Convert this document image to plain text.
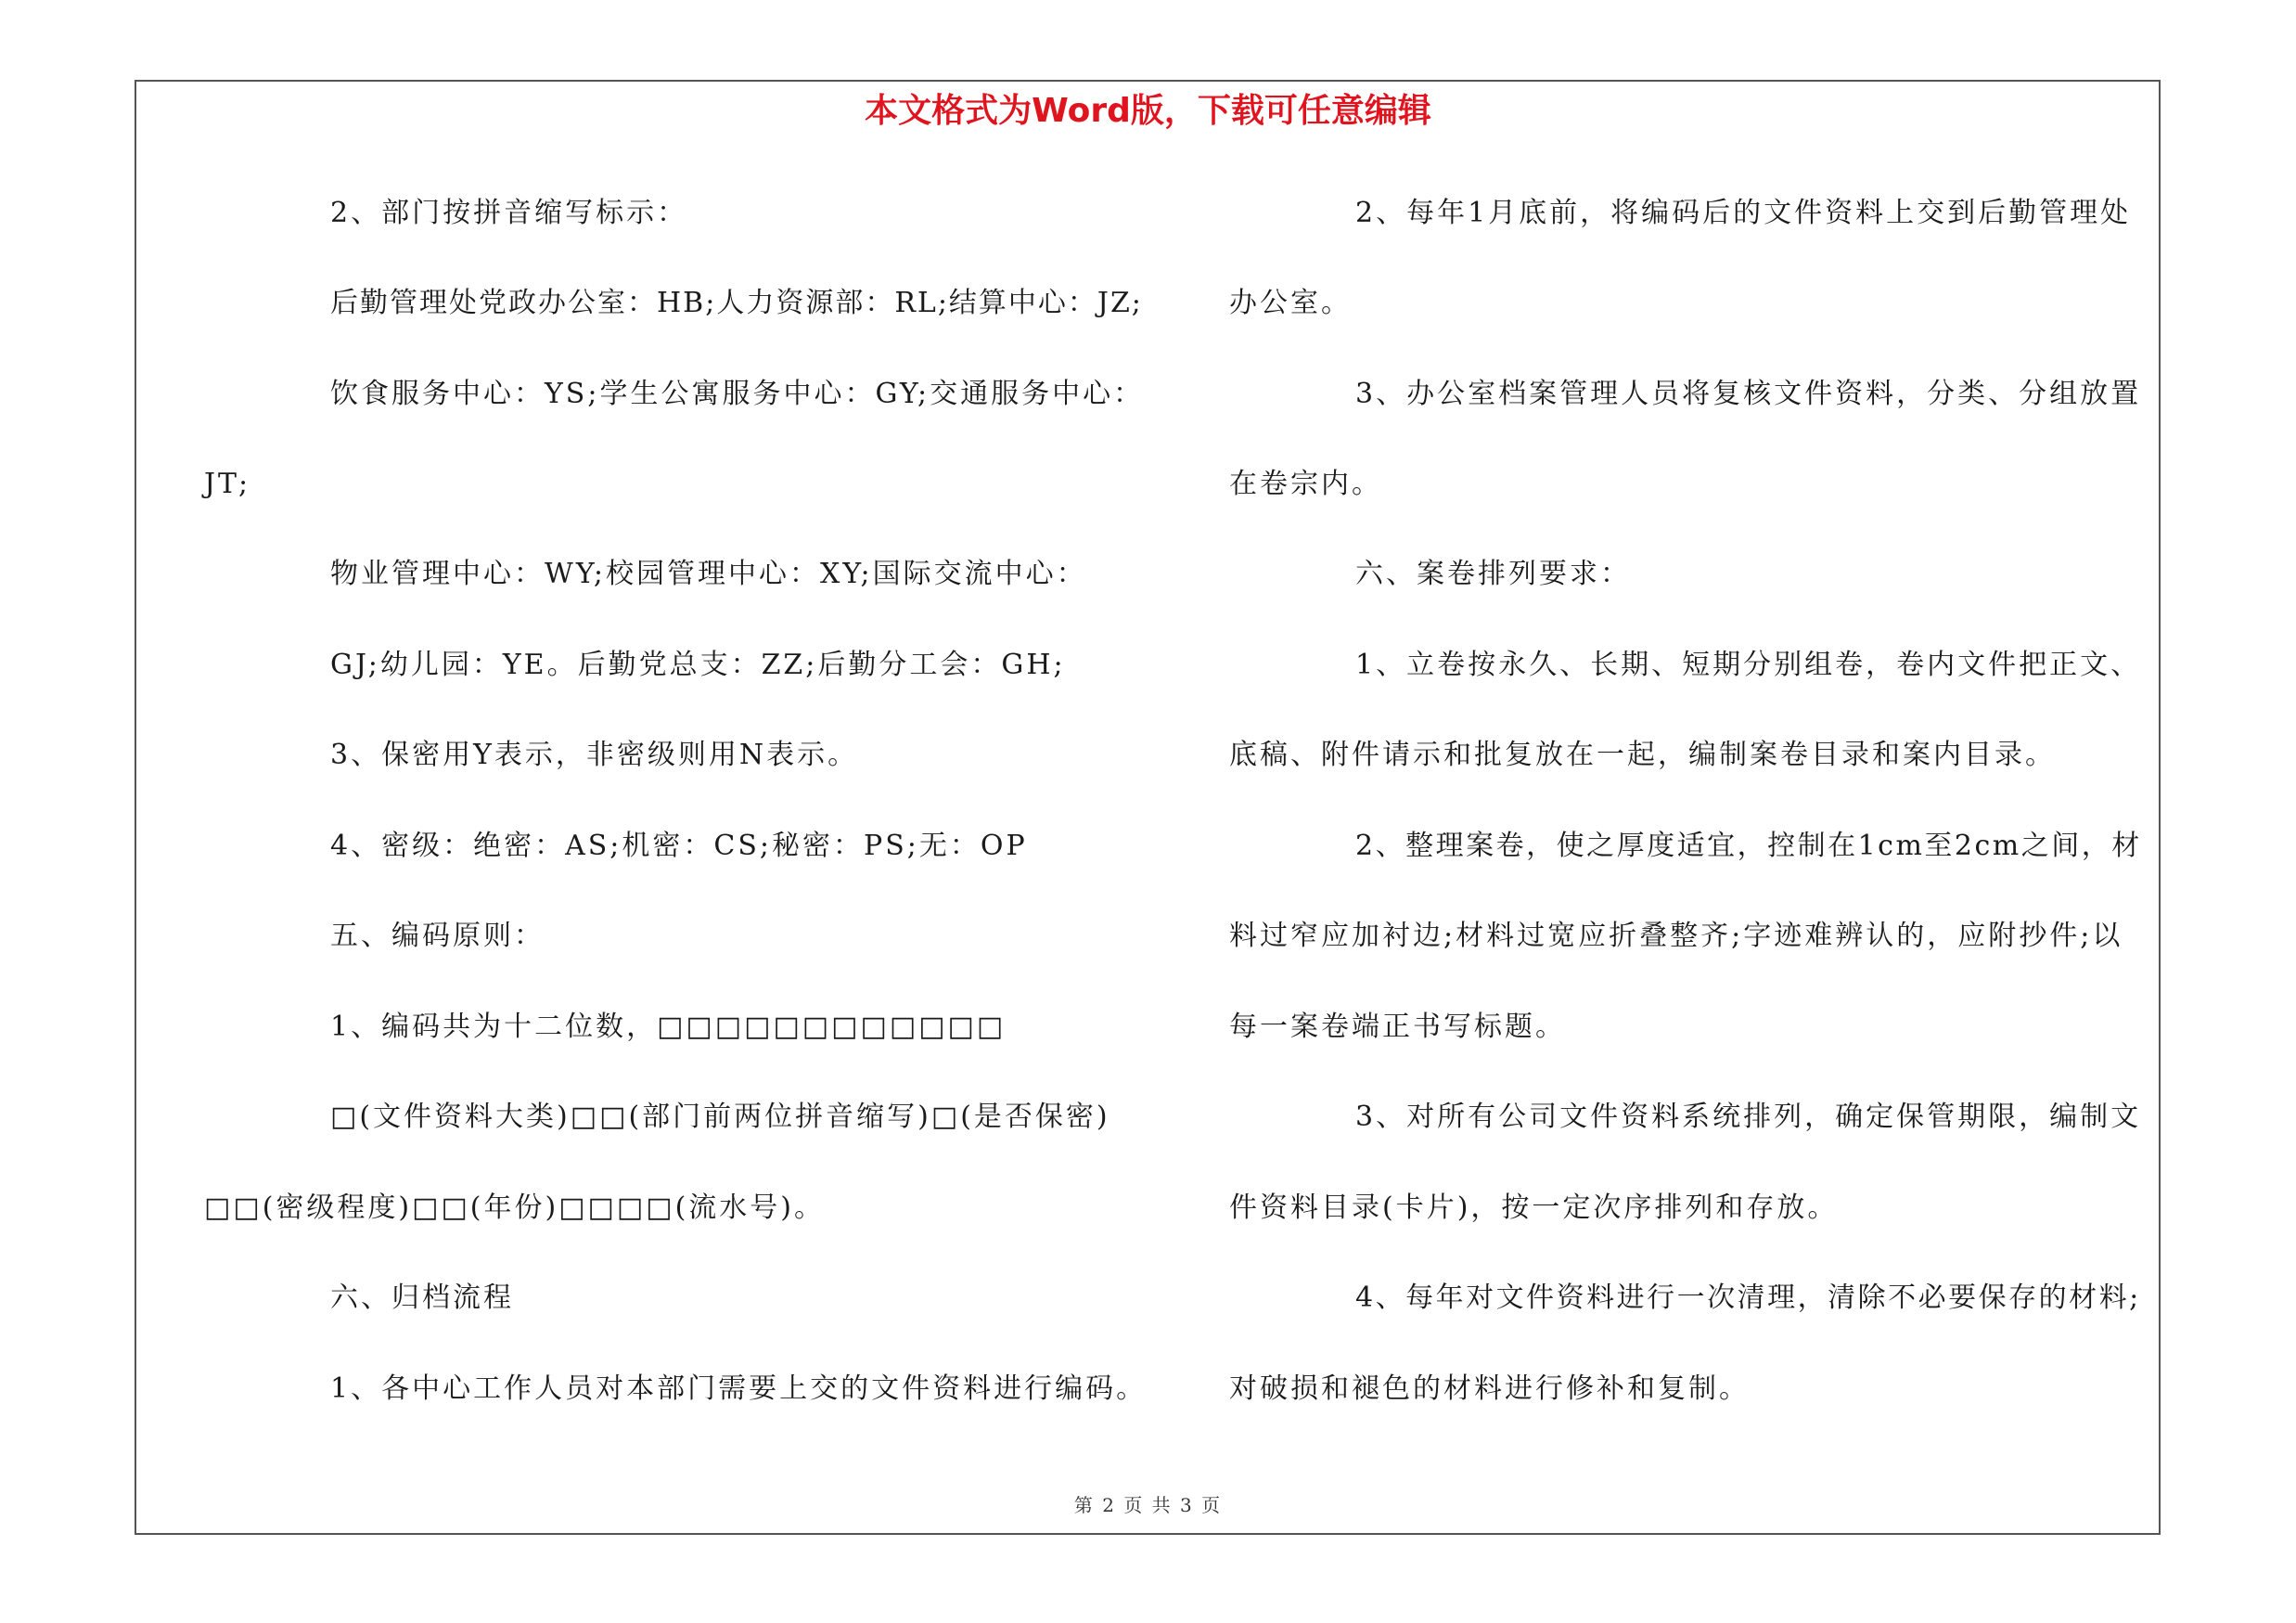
本文格式为Word版，下载可任意编辑
2、部门按拼音缩写标示：
后勤管理处党政办公室：HB;人力资源部：RL;结算中心：JZ;
饮食服务中心：YS;学生公寓服务中心：GY;交通服务中心：
JT;
物业管理中心：WY;校园管理中心：XY;国际交流中心：
GJ;幼儿园：YE。后勤党总支：ZZ;后勤分工会：GH;
3、保密用Y表示，非密级则用N表示。
4、密级：绝密：AS;机密：CS;秘密：PS;无：OP
五、编码原则：
1、编码共为十二位数，□□□□□□□□□□□□
□(文件资料大类)□□(部门前两位拼音缩写)□(是否保密)
□□(密级程度)□□(年份)□□□□(流水号)。
六、归档流程
1、各中心工作人员对本部门需要上交的文件资料进行编码。
2、每年1月底前，将编码后的文件资料上交到后勤管理处
办公室。
3、办公室档案管理人员将复核文件资料，分类、分组放置
在卷宗内。
六、案卷排列要求：
1、立卷按永久、长期、短期分别组卷，卷内文件把正文、
底稿、附件请示和批复放在一起，编制案卷目录和案内目录。
2、整理案卷，使之厚度适宜，控制在1cm至2cm之间，材
料过窄应加衬边;材料过宽应折叠整齐;字迹难辨认的，应附抄件;以
每一案卷端正书写标题。
3、对所有公司文件资料系统排列，确定保管期限，编制文
件资料目录(卡片)，按一定次序排列和存放。
4、每年对文件资料进行一次清理，清除不必要保存的材料;
对破损和褪色的材料进行修补和复制。
第 2 页 共 3 页
